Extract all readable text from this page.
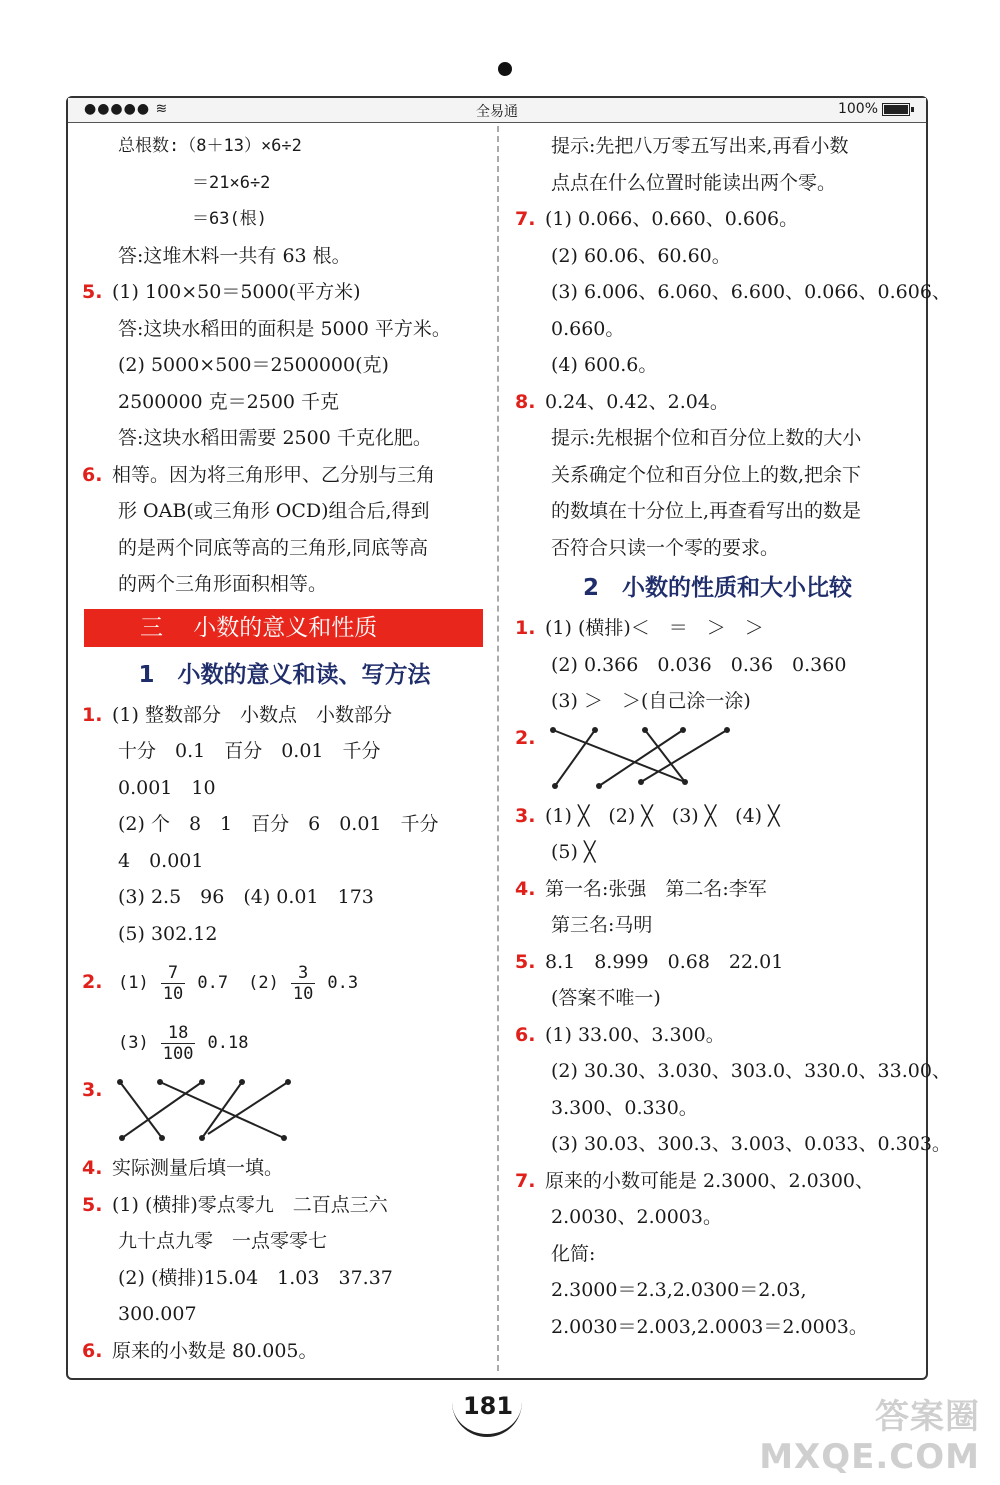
●●●●● ≋	全易通	100%
总根数:（8＋13）×6÷2
＝21×6÷2
＝63(根)
答:这堆木料一共有 63 根。
5. (1) 100×50＝5000(平方米)
答:这块水稻田的面积是 5000 平方米。
(2) 5000×500＝2500000(克)
2500000 克＝2500 千克
答:这块水稻田需要 2500 千克化肥。
6. 相等。因为将三角形甲、乙分别与三角
形 OAB(或三角形 OCD)组合后,得到
的是两个同底等高的三角形,同底等高
的两个三角形面积相等。
三　 小数的意义和性质
1　小数的意义和读、写方法
1. (1) 整数部分　小数点　小数部分
十分　0.1　百分　0.01　千分
0.001　10
(2) 个　8　1　百分　6　0.01　千分
4　0.001
(3) 2.5　96　(4) 0.01　173
(5) 302.12
2. $(1) \frac{7}{10} 0.7$ $(2) \frac{3}{10} 0.3$
$(3) \frac{18}{100} 0.18$
3.
4. 实际测量后填一填。
5. (1) (横排)零点零九　二百点三六
九十点九零　一点零零七
(2) (横排)15.04　1.03　37.37
300.007
6. 原来的小数是 80.005。
提示:先把八万零五写出来,再看小数
点点在什么位置时能读出两个零。
7. (1) 0.066、0.660、0.606。
(2) 60.06、60.60。
(3) 6.006、6.060、6.600、0.066、0.606、
0.660。
(4) 600.6。
8. 0.24、0.42、2.04。
提示:先根据个位和百分位上数的大小
关系确定个位和百分位上的数,把余下
的数填在十分位上,再查看写出的数是
否符合只读一个零的要求。
2　小数的性质和大小比较
1. (1) (横排)＜　＝　＞　＞
(2) 0.366　0.036　0.36　0.360
(3) ＞　＞(自己涂一涂)
2.
3. (1) ╳　(2) ╳　(3) ╳　(4) ╳
(5) ╳
4. 第一名:张强　第二名:李军
第三名:马明
5. 8.1　8.999　0.68　22.01
(答案不唯一)
6. (1) 33.00、3.300。
(2) 30.30、3.030、303.0、330.0、33.00、
3.300、0.330。
(3) 30.03、300.3、3.003、0.033、0.303。
7. 原来的小数可能是 2.3000、2.0300、
2.0030、2.0003。
化简:
2.3000＝2.3,2.0300＝2.03,
2.0030＝2.003,2.0003＝2.0003。
181	答案圈
MXQE.COM
